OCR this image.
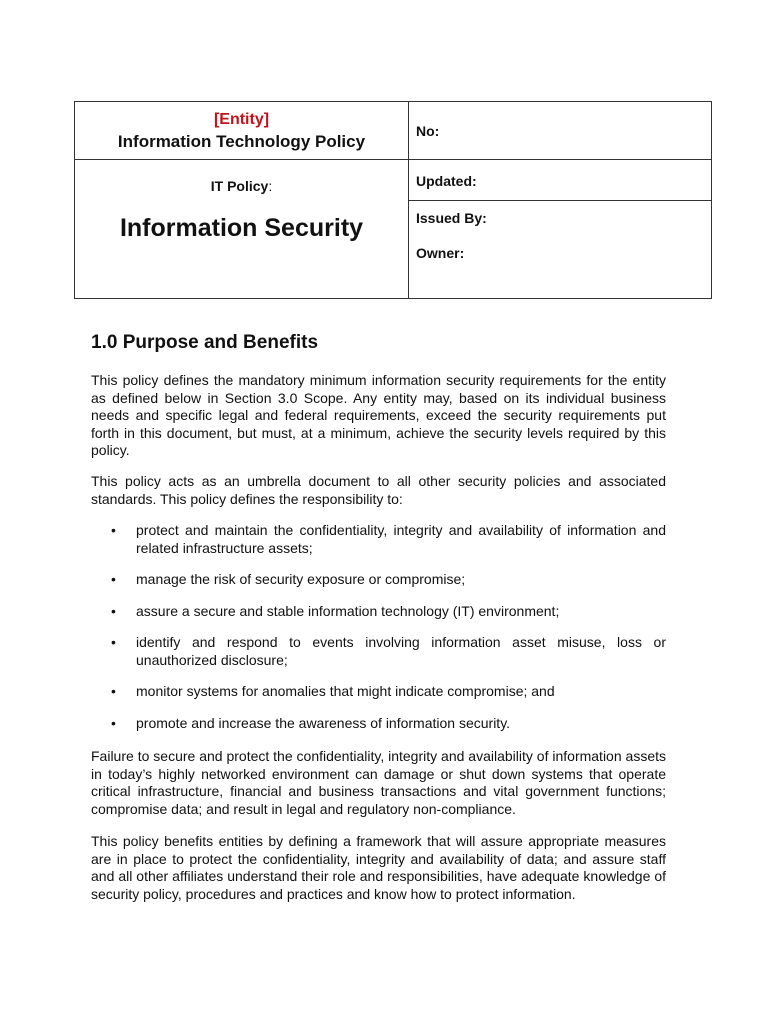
[Entity]
Information Technology Policy
IT Policy:
Information Security
No:
Updated:
Issued By:
Owner:
1.0 Purpose and Benefits

This policy defines the mandatory minimum information security requirements for the entity as defined below in Section 3.0 Scope. Any entity may, based on its individual business needs and specific legal and federal requirements, exceed the security requirements put forth in this document, but must, at a minimum, achieve the security levels required by this policy.

This policy acts as an umbrella document to all other security policies and associated standards. This policy defines the responsibility to:

• protect and maintain the confidentiality, integrity and availability of information and related infrastructure assets;
• manage the risk of security exposure or compromise;
• assure a secure and stable information technology (IT) environment;
• identify and respond to events involving information asset misuse, loss or unauthorized disclosure;
• monitor systems for anomalies that might indicate compromise; and
• promote and increase the awareness of information security.

Failure to secure and protect the confidentiality, integrity and availability of information assets in today’s highly networked environment can damage or shut down systems that operate critical infrastructure, financial and business transactions and vital government functions; compromise data; and result in legal and regulatory non-compliance.

This policy benefits entities by defining a framework that will assure appropriate measures are in place to protect the confidentiality, integrity and availability of data; and assure staff and all other affiliates understand their role and responsibilities, have adequate knowledge of security policy, procedures and practices and know how to protect information.
